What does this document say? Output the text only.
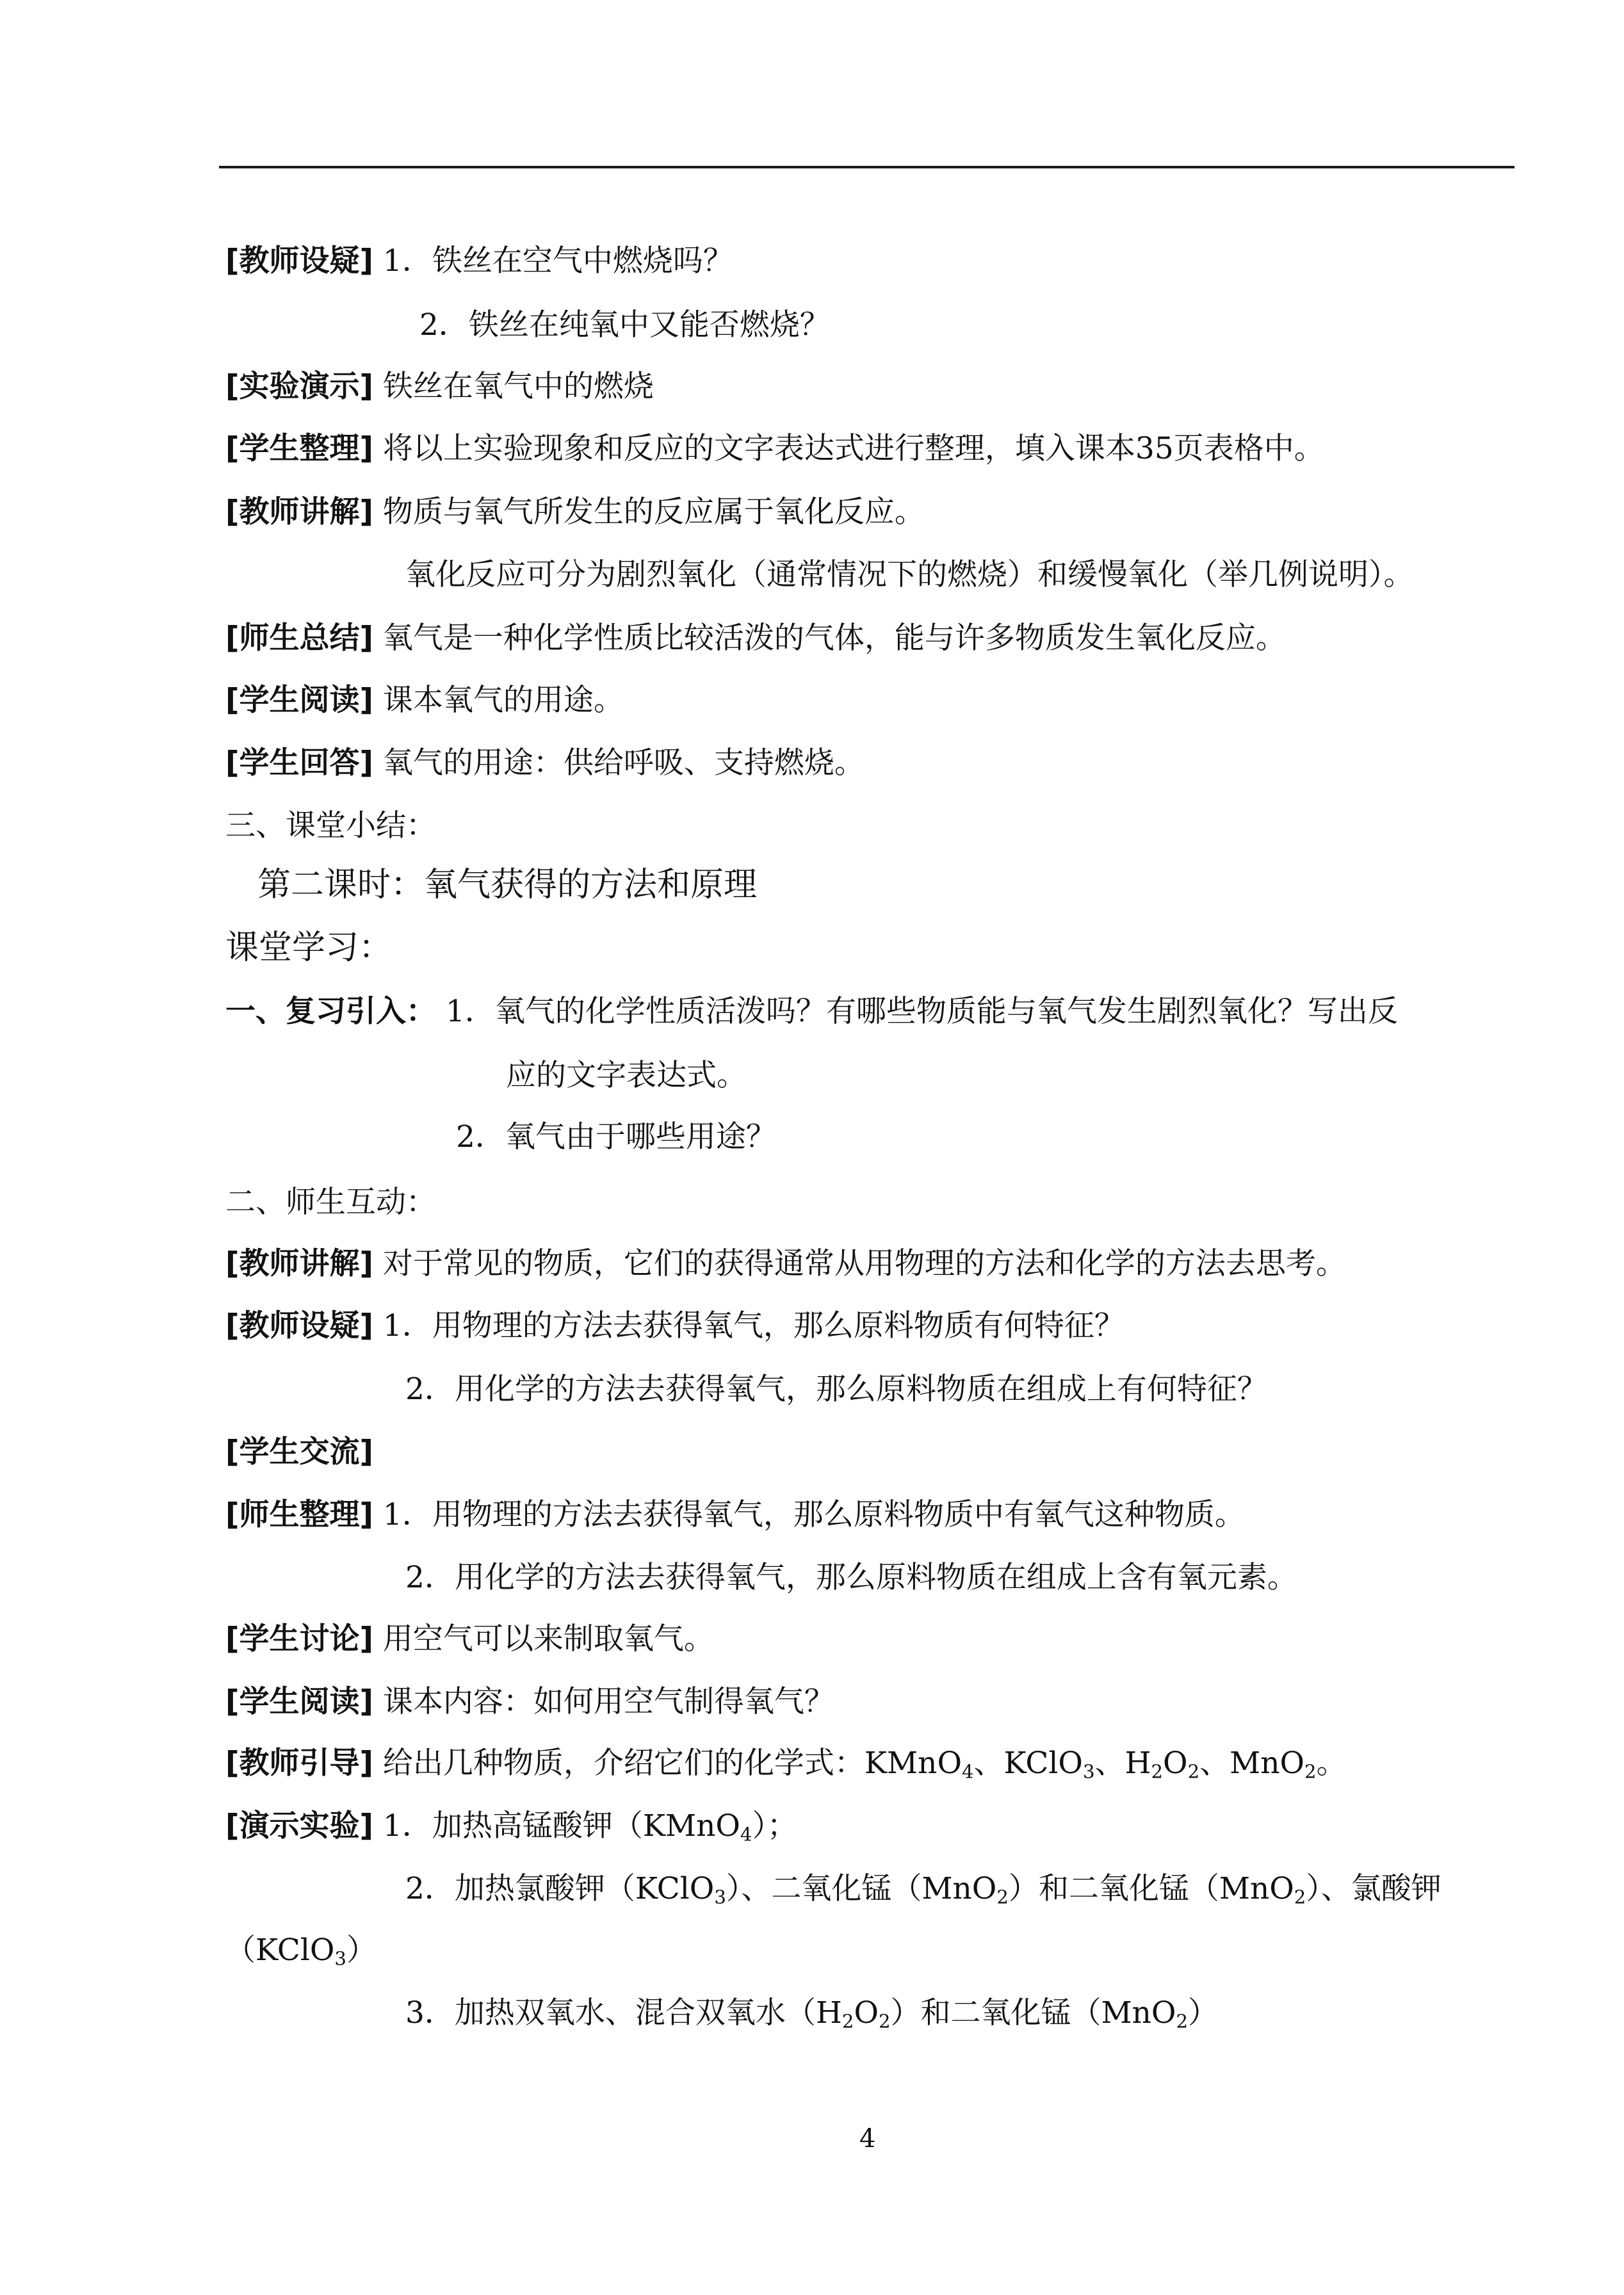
[教师设疑] 1．铁丝在空气中燃烧吗？
2．铁丝在纯氧中又能否燃烧？
[实验演示] 铁丝在氧气中的燃烧
[学生整理] 将以上实验现象和反应的文字表达式进行整理，填入课本35页表格中。
[教师讲解] 物质与氧气所发生的反应属于氧化反应。
氧化反应可分为剧烈氧化（通常情况下的燃烧）和缓慢氧化（举几例说明）。
[师生总结] 氧气是一种化学性质比较活泼的气体，能与许多物质发生氧化反应。
[学生阅读] 课本氧气的用途。
[学生回答] 氧气的用途：供给呼吸、支持燃烧。
三、课堂小结：
第二课时：氧气获得的方法和原理
课堂学习：
一、复习引入： 1．氧气的化学性质活泼吗？有哪些物质能与氧气发生剧烈氧化？写出反
应的文字表达式。
2．氧气由于哪些用途？
二、师生互动：
[教师讲解] 对于常见的物质，它们的获得通常从用物理的方法和化学的方法去思考。
[教师设疑] 1．用物理的方法去获得氧气，那么原料物质有何特征？
2．用化学的方法去获得氧气，那么原料物质在组成上有何特征？
[学生交流]
[师生整理] 1．用物理的方法去获得氧气，那么原料物质中有氧气这种物质。
2．用化学的方法去获得氧气，那么原料物质在组成上含有氧元素。
[学生讨论] 用空气可以来制取氧气。
[学生阅读] 课本内容：如何用空气制得氧气？
[教师引导] 给出几种物质，介绍它们的化学式：KMnO$_4$、KClO$_3$、$H_2O_2$、MnO$_2$。
[演示实验] 1．加热高锰酸钾（KMnO$_4$）；
2．加热氯酸钾（KClO$_3$）、二氧化锰（MnO$_2$）和二氧化锰（MnO$_2$）、氯酸钾
（KClO$_3$）
3．加热双氧水、混合双氧水$(H_2O_2)$和二氧化锰（MnO$_2$）
4
